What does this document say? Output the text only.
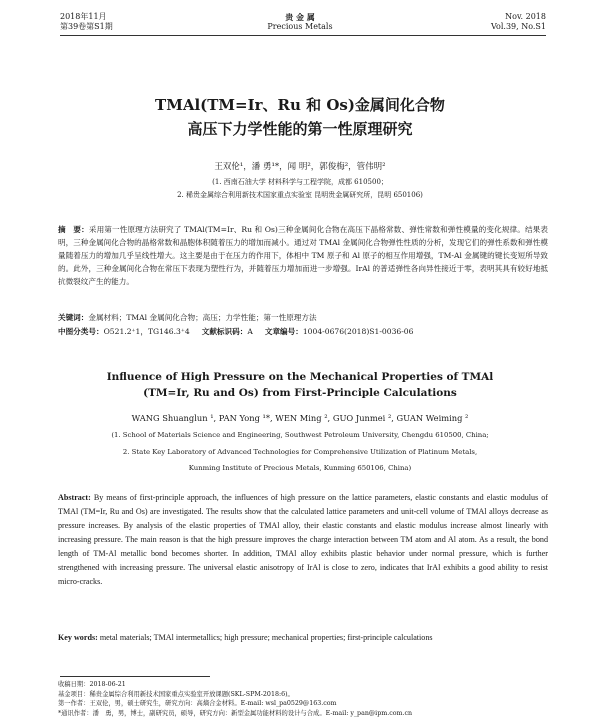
2018年11月
第39卷第S1期
贵 金 属
Precious Metals
Nov. 2018
Vol.39, No.S1
TMAl(TM=Ir、Ru 和 Os)金属间化合物
高压下力学性能的第一性原理研究
王双伦¹，潘 勇¹*，闻 明²，郭俊梅²，管伟明²
(1. 西南石油大学 材料科学与工程学院，成都 610500；
2. 稀贵金属综合利用新技术国家重点实验室 昆明贵金属研究所，昆明 650106)
摘　要：采用第一性原理方法研究了 TMAl(TM=Ir、Ru 和 Os)三种金属间化合物在高压下晶格常数、弹性常数和弹性模量的变化规律。结果表明，三种金属间化合物的晶格常数和晶胞体积随着压力的增加而减小。通过对 TMAl 金属间化合物弹性性质的分析，发现它们的弹性系数和弹性模量随着压力的增加几乎呈线性增大。这主要是由于在压力的作用下，体相中 TM 原子和 Al 原子的相互作用增强，TM-Al 金属键的键长变短所导致的。此外，三种金属间化合物在常压下表现为塑性行为，并随着压力增加而进一步增强。IrAl 的普适弹性各向异性接近于零，表明其具有较好地抵抗微裂纹产生的能力。
关键词：金属材料；TMAl 金属间化合物；高压；力学性能；第一性原理方法
中图分类号：O521.2⁺1，TG146.3⁺4 文献标识码：A 文章编号：1004-0676(2018)S1-0036-06
Influence of High Pressure on the Mechanical Properties of TMAl
(TM=Ir, Ru and Os) from First-Principle Calculations
WANG Shuanglun ¹, PAN Yong ¹*, WEN Ming ², GUO Junmei ², GUAN Weiming ²
(1. School of Materials Science and Engineering, Southwest Petroleum University, Chengdu 610500, China;
2. State Key Laboratory of Advanced Technologies for Comprehensive Utilization of Platinum Metals,
Kunming Institute of Precious Metals, Kunming 650106, China)
Abstract: By means of first-principle approach, the influences of high pressure on the lattice parameters, elastic constants and elastic modulus of TMAl (TM=Ir, Ru and Os) are investigated. The results show that the calculated lattice parameters and unit-cell volume of TMAl alloys decrease as pressure increases. By analysis of the elastic properties of TMAl alloy, their elastic constants and elastic modulus increase almost linearly with increasing pressure. The main reason is that the high pressure improves the charge interaction between TM atom and Al atom. As a result, the bond length of TM-Al metallic bond becomes shorter. In addition, TMAl alloy exhibits plastic behavior under normal pressure, which is further strengthened with increasing pressure. The universal elastic anisotropy of IrAl is close to zero, indicates that IrAl exhibits a good ability to resist micro-cracks.
Key words: metal materials; TMAl intermetallics; high pressure; mechanical properties; first-principle calculations
收稿日期：2018-06-21
基金项目：稀贵金属综合利用新技术国家重点实验室开放课题(SKL-SPM-2018:6)。
第一作者：王双伦，男，硕士研究生，研究方向：高熵合金材料。E-mail: wsl_pa0529@163.com
*通讯作者：潘　勇，男，博士，副研究员，硕导，研究方向：新型金属功能材料的设计与合成。E-mail: y_pan@ipm.com.cn
